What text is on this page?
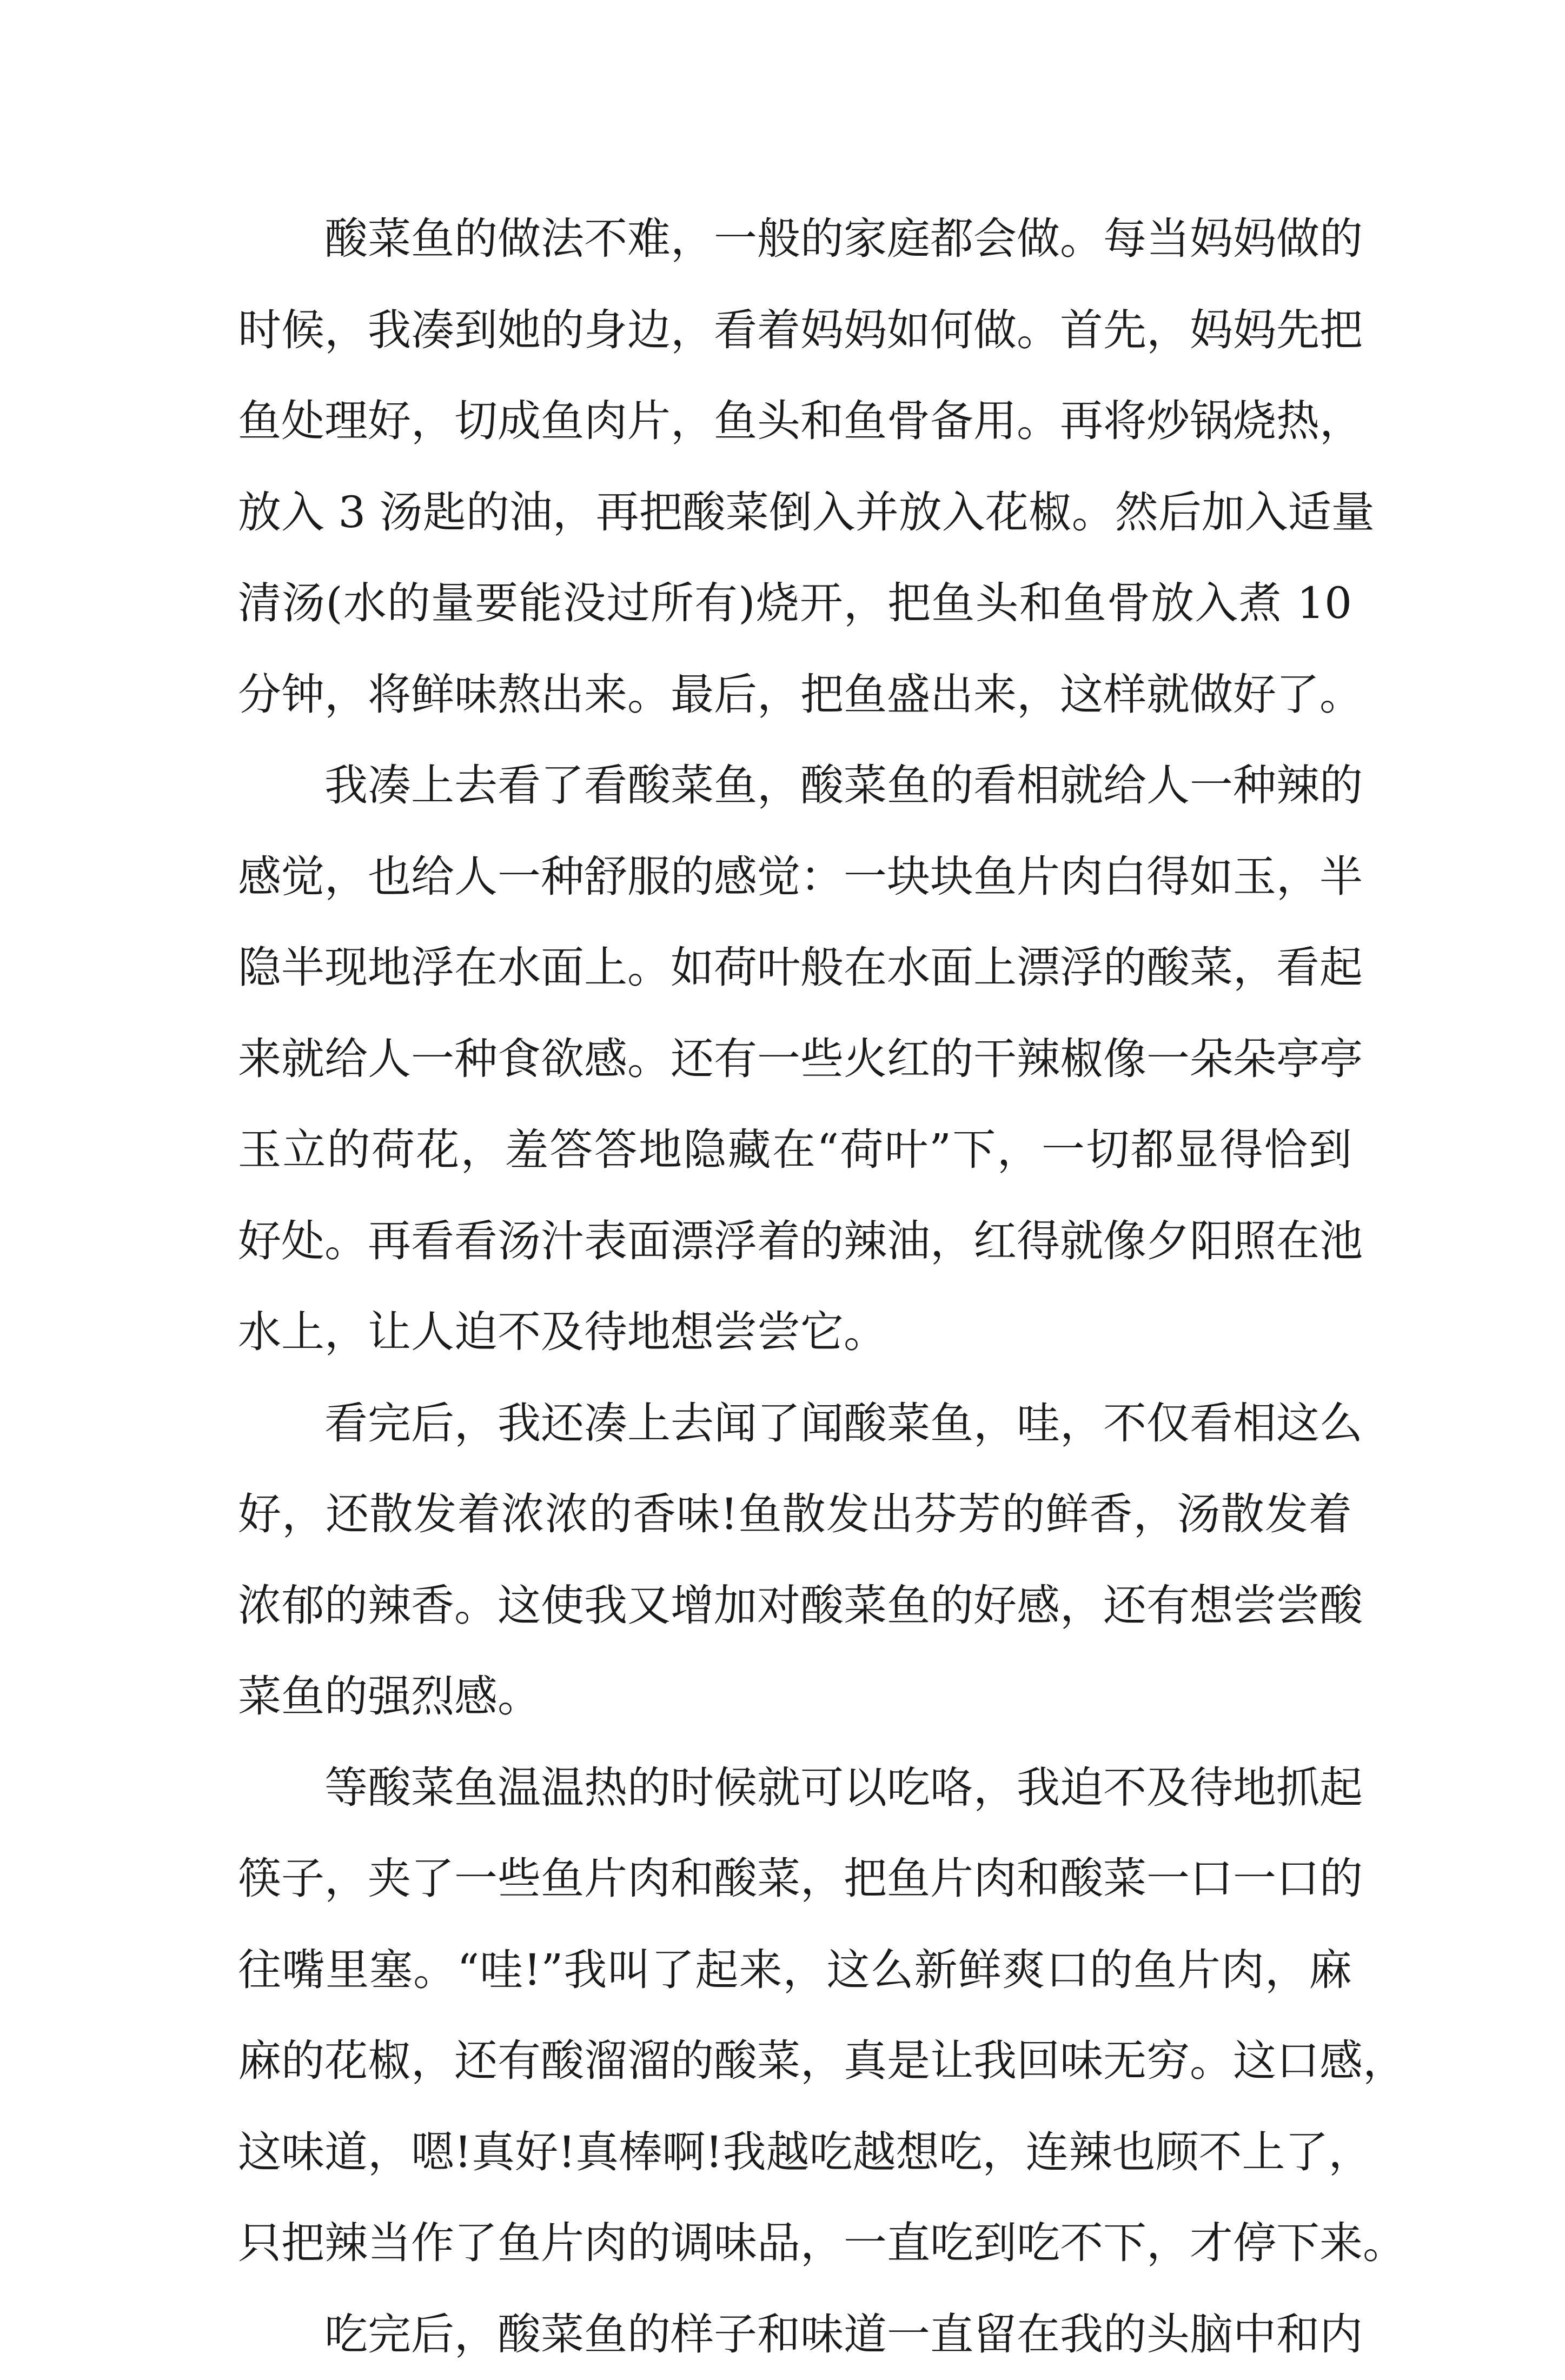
酸菜鱼的做法不难，一般的家庭都会做。每当妈妈做的
时候，我凑到她的身边，看着妈妈如何做。首先，妈妈先把
鱼处理好，切成鱼肉片，鱼头和鱼骨备用。再将炒锅烧热，
放入 3 汤匙的油，再把酸菜倒入并放入花椒。然后加入适量
清汤(水的量要能没过所有)烧开，把鱼头和鱼骨放入煮 10
分钟，将鲜味熬出来。最后，把鱼盛出来，这样就做好了。
我凑上去看了看酸菜鱼，酸菜鱼的看相就给人一种辣的
感觉，也给人一种舒服的感觉：一块块鱼片肉白得如玉，半
隐半现地浮在水面上。如荷叶般在水面上漂浮的酸菜，看起
来就给人一种食欲感。还有一些火红的干辣椒像一朵朵亭亭
玉立的荷花，羞答答地隐藏在“荷叶”下，一切都显得恰到
好处。再看看汤汁表面漂浮着的辣油，红得就像夕阳照在池
水上，让人迫不及待地想尝尝它。
看完后，我还凑上去闻了闻酸菜鱼，哇，不仅看相这么
好，还散发着浓浓的香味!鱼散发出芬芳的鲜香，汤散发着
浓郁的辣香。这使我又增加对酸菜鱼的好感，还有想尝尝酸
菜鱼的强烈感。
等酸菜鱼温温热的时候就可以吃咯，我迫不及待地抓起
筷子，夹了一些鱼片肉和酸菜，把鱼片肉和酸菜一口一口的
往嘴里塞。“哇!”我叫了起来，这么新鲜爽口的鱼片肉，麻
麻的花椒，还有酸溜溜的酸菜，真是让我回味无穷。这口感，
这味道，嗯!真好!真棒啊!我越吃越想吃，连辣也顾不上了，
只把辣当作了鱼片肉的调味品，一直吃到吃不下，才停下来。
吃完后，酸菜鱼的样子和味道一直留在我的头脑中和内
